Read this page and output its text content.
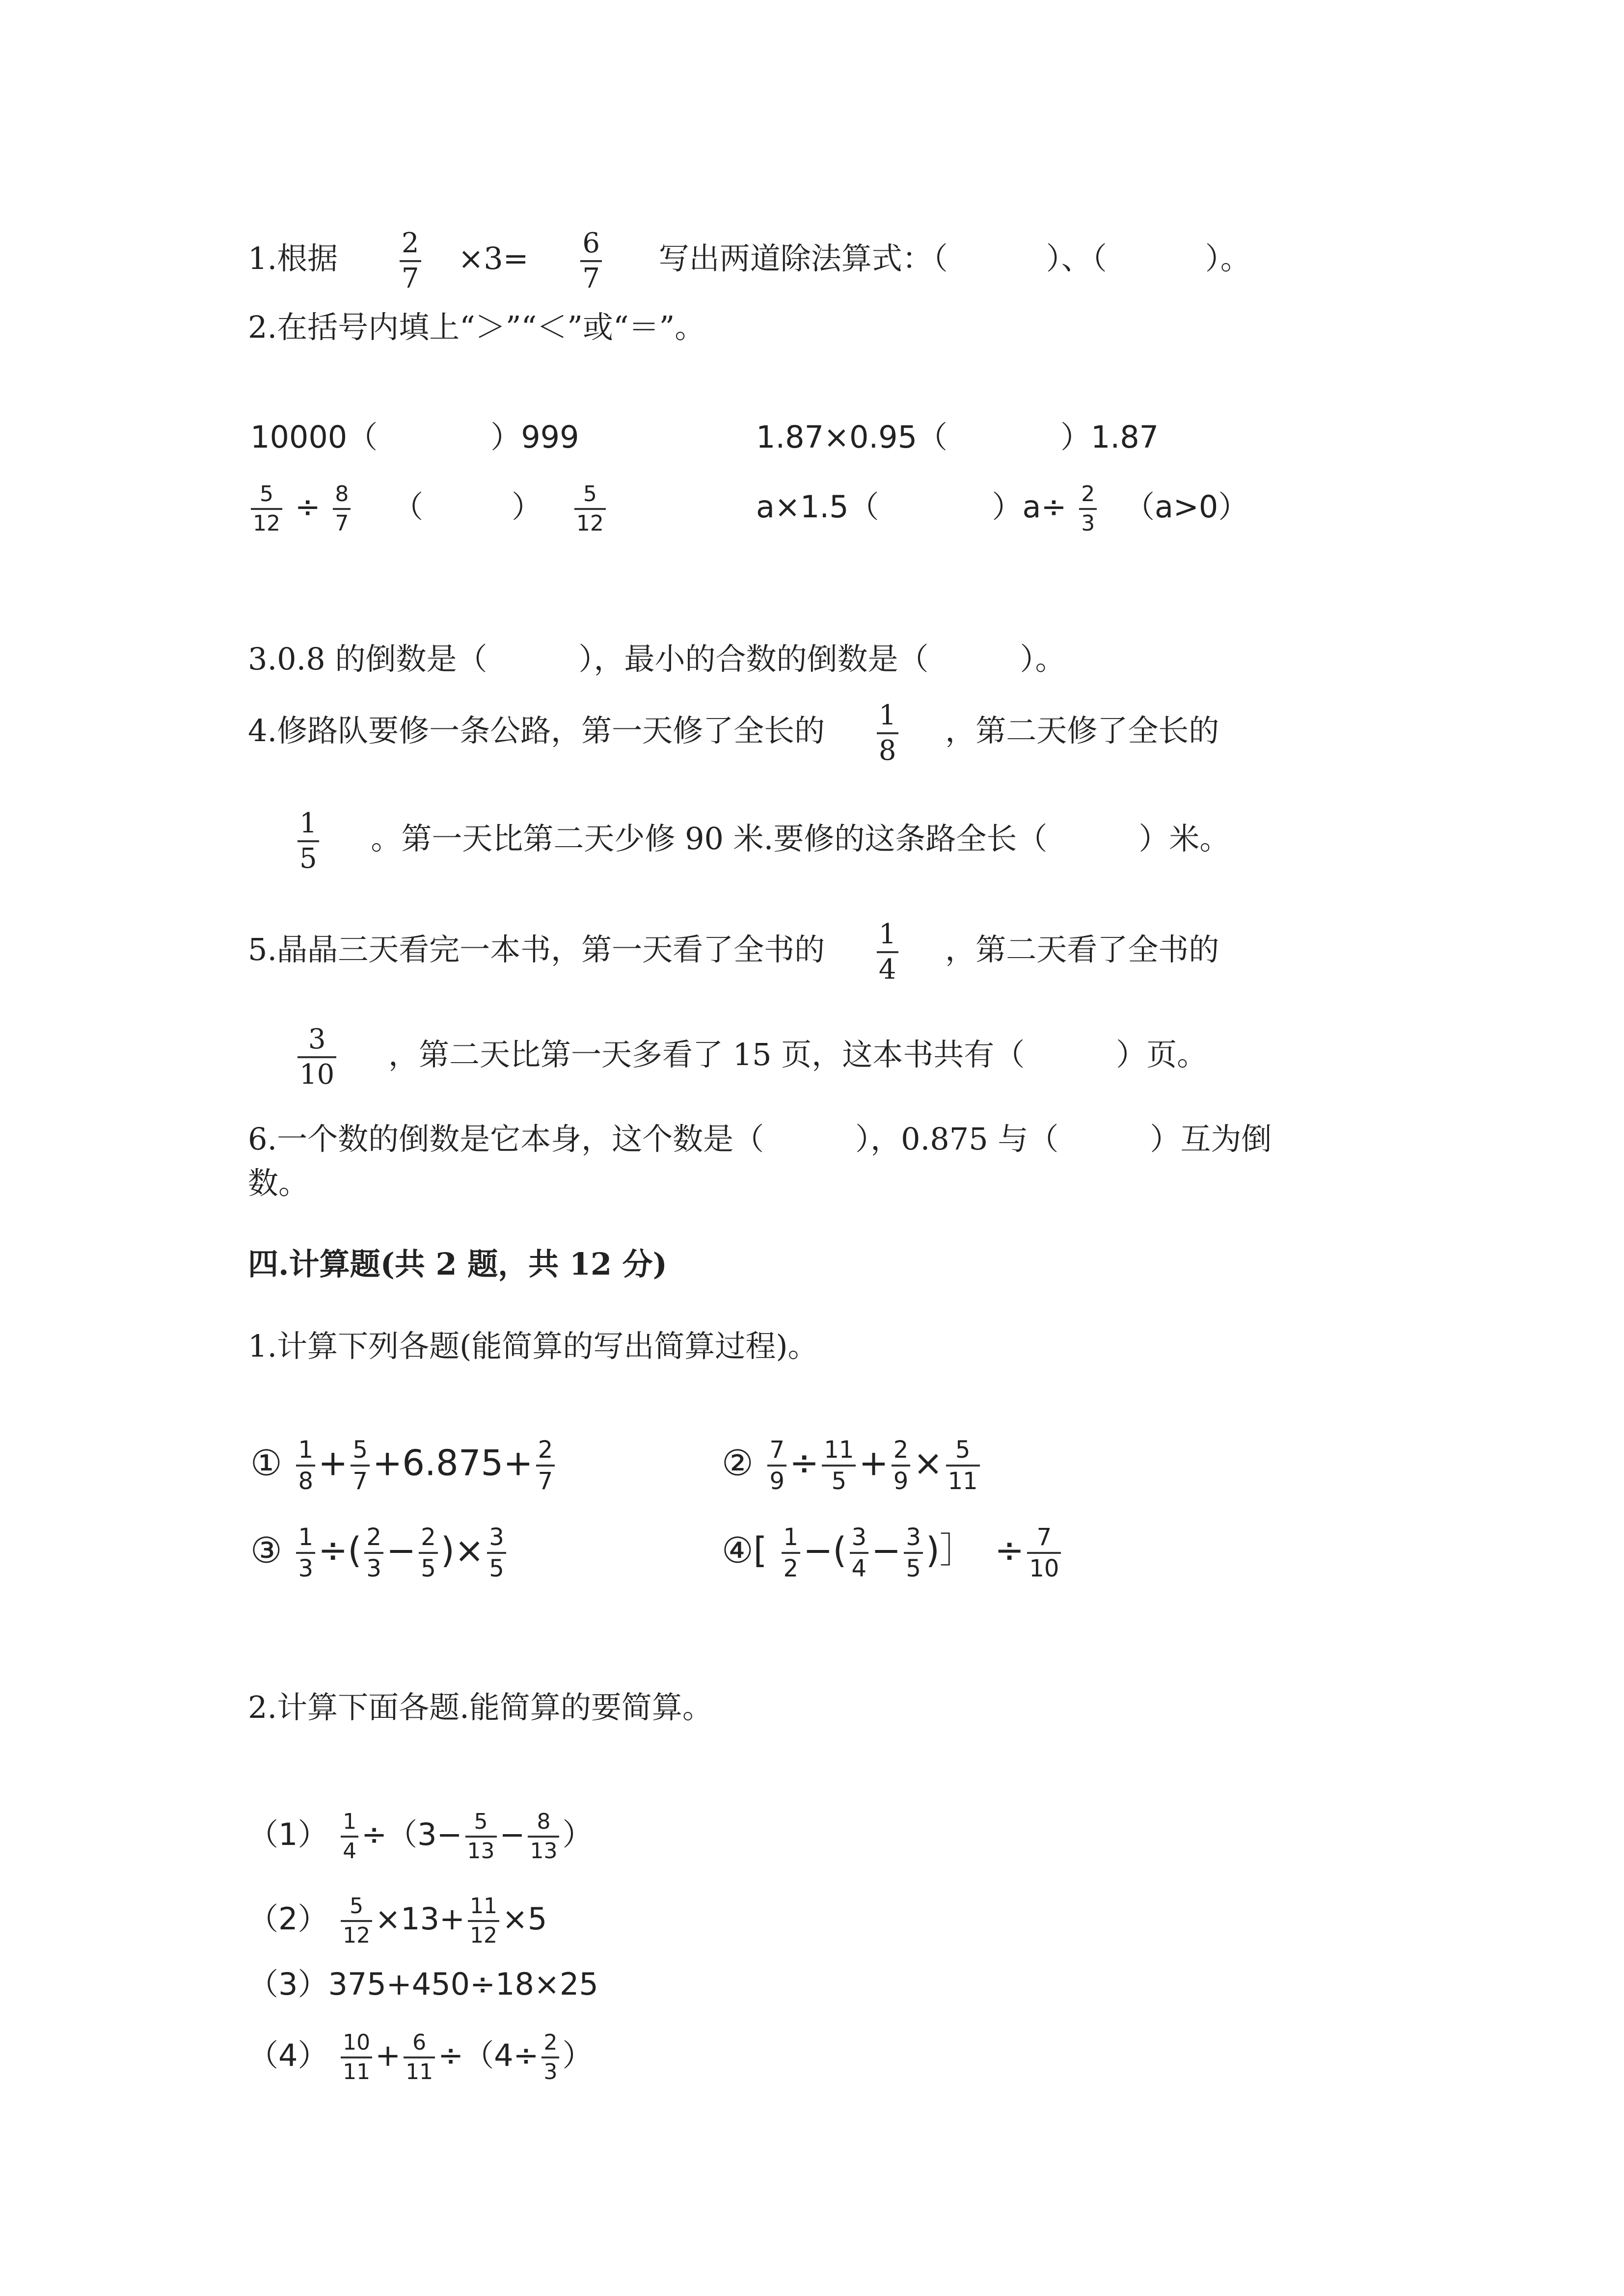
1.根据 $\frac{2}{7} \times 3= \frac{6}{7}$ 写出两道除法算式：（	）、（	）。
2.在括号内填上“＞”“＜”或“＝”。
10000（	）999	1.87×0.95（	）1.87
$\frac{5}{12} \div \frac{8}{7}$ （	） $\frac{5}{12}$	a×1.5（	）$a\div \frac{2}{3} (a>0)$
3.0.8 的倒数是（　　　），最小的合数的倒数是（　　　）。
4.修路队要修一条公路，第一天修了全长的 $\frac{1}{8}$ ，第二天修了全长的
$\frac{1}{5}$ 。第一天比第二天少修 90 米.要修的这条路全长（　　　）米。
5.晶晶三天看完一本书，第一天看了全书的 $\frac{1}{4}$ ，第二天看了全书的
$\frac{3}{10}$ ，第二天比第一天多看了 15 页，这本书共有（　　　）页。
6.一个数的倒数是它本身，这个数是（　　　），0.875 与（　　　）互为倒
数。
四.计算题(共 2 题，共 12 分)
1.计算下列各题(能简算的写出简算过程)。
① $\frac{1}{8} + \frac{5}{7} +6.875+ \frac{2}{7}$	② $\frac{7}{9} \div \frac{11}{5} + \frac{2}{9} \times \frac{5}{11}$
③ $\frac{1}{3}$ ÷( $\frac{2}{3} - \frac{2}{5}$ )× $\frac{3}{5}$	④[ $\frac{1}{2}$ −( $\frac{3}{4} - \frac{3}{5}$ )］ ÷ $\frac{7}{10}$
2.计算下面各题.能简算的要简算。
$(1) \frac{1}{4} \div(3- \frac{5}{13} - \frac{8}{13}$ ）
$(2) \frac{5}{12} \times 13+ \frac{11}{12} \times 5$
（3）375+450÷18×25
$(4) \frac{10}{11} + \frac{6}{11} \div(4\div \frac{2}{3}$ ）
